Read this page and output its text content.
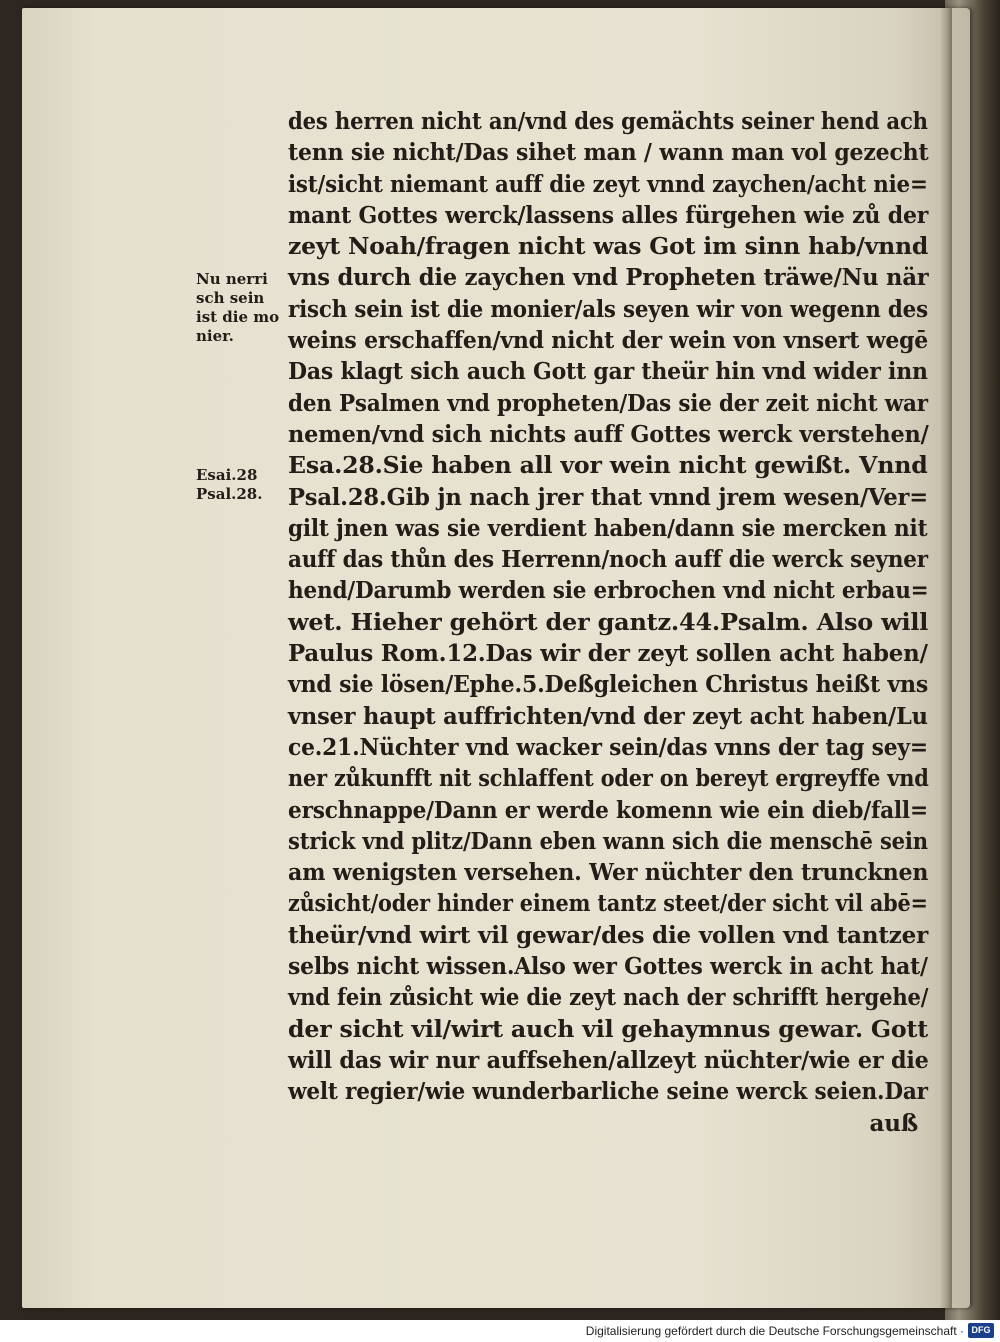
Nu nerri
sch sein
ist die mo
nier.
Esai.28
Psal.28.
des herren nicht an/vnd des gemächts seiner hend ach
tenn sie nicht/Das sihet man / wann man vol gezecht
ist/sicht niemant auff die zeyt vnnd zaychen/acht nie=
mant Gottes werck/lassens alles fürgehen wie zů der
zeyt Noah/fragen nicht was Got im sinn hab/vnnd
vns durch die zaychen vnd Propheten träwe/Nu när
risch sein ist die monier/als seyen wir von wegenn des
weins erschaffen/vnd nicht der wein von vnsert wegē
Das klagt sich auch Gott gar theür hin vnd wider inn
den Psalmen vnd propheten/Das sie der zeit nicht war
nemen/vnd sich nichts auff Gottes werck verstehen/
Esa.28.Sie haben all vor wein nicht gewißt. Vnnd
Psal.28.Gib jn nach jrer that vnnd jrem wesen/Ver=
gilt jnen was sie verdient haben/dann sie mercken nit
auff das thůn des Herrenn/noch auff die werck seyner
hend/Darumb werden sie erbrochen vnd nicht erbau=
wet. Hieher gehört der gantz.44.Psalm. Also will
Paulus Rom.12.Das wir der zeyt sollen acht haben/
vnd sie lösen/Ephe.5.Deßgleichen Christus heißt vns
vnser haupt auffrichten/vnd der zeyt acht haben/Lu
ce.21.Nüchter vnd wacker sein/das vnns der tag sey=
ner zůkunfft nit schlaffent oder on bereyt ergreyffe vnd
erschnappe/Dann er werde komenn wie ein dieb/fall=
strick vnd plitz/Dann eben wann sich die menschē sein
am wenigsten versehen. Wer nüchter den truncknen
zůsicht/oder hinder einem tantz steet/der sicht vil abē=
theür/vnd wirt vil gewar/des die vollen vnd tantzer
selbs nicht wissen.Also wer Gottes werck in acht hat/
vnd fein zůsicht wie die zeyt nach der schrifft hergehe/
der sicht vil/wirt auch vil gehaymnus gewar. Gott
will das wir nur auffsehen/allzeyt nüchter/wie er die
welt regier/wie wunderbarliche seine werck seien.Dar
auß
Digitalisierung gefördert durch die Deutsche Forschungsgemeinschaft · DFG
